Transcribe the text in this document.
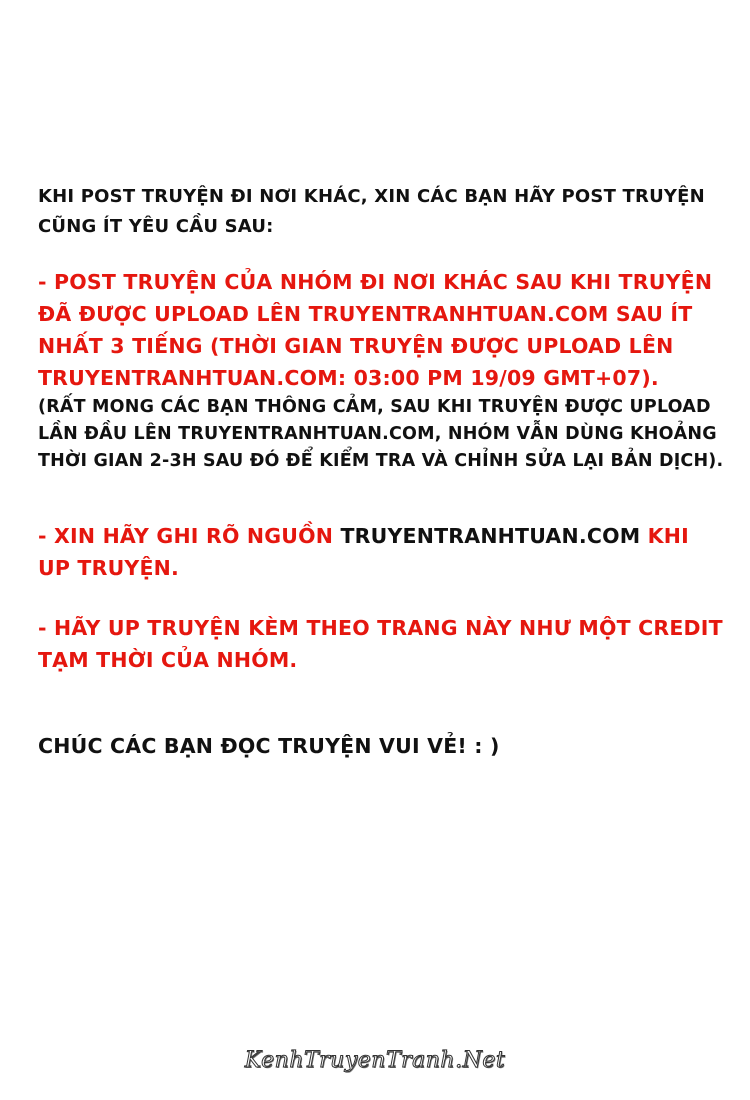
KHI POST TRUYỆN ĐI NƠI KHÁC, XIN CÁC BẠN HÃY POST TRUYỆN CŨNG ÍT YÊU CẦU SAU:

- POST TRUYỆN CỦA NHÓM ĐI NƠI KHÁC SAU KHI TRUYỆN ĐÃ ĐƯỢC UPLOAD LÊN TRUYENTRANHTUAN.COM SAU ÍT NHẤT 3 TIẾNG (THỜI GIAN TRUYỆN ĐƯỢC UPLOAD LÊN TRUYENTRANHTUAN.COM: 03:00 PM 19/09 GMT+07).
(RẤT MONG CÁC BẠN THÔNG CẢM, SAU KHI TRUYỆN ĐƯỢC UPLOAD LẦN ĐẦU LÊN TRUYENTRANHTUAN.COM, NHÓM VẪN DÙNG KHOẢNG THỜI GIAN 2-3H SAU ĐÓ ĐỂ KIỂM TRA VÀ CHỈNH SỬA LẠI BẢN DỊCH).

- XIN HÃY GHI RÕ NGUỒN TRUYENTRANHTUAN.COM KHI UP TRUYỆN.

- HÃY UP TRUYỆN KÈM THEO TRANG NÀY NHƯ MỘT CREDIT TẠM THỜI CỦA NHÓM.

CHÚC CÁC BẠN ĐỌC TRUYỆN VUI VẺ! : )

KenhTruyenTranh.Net
